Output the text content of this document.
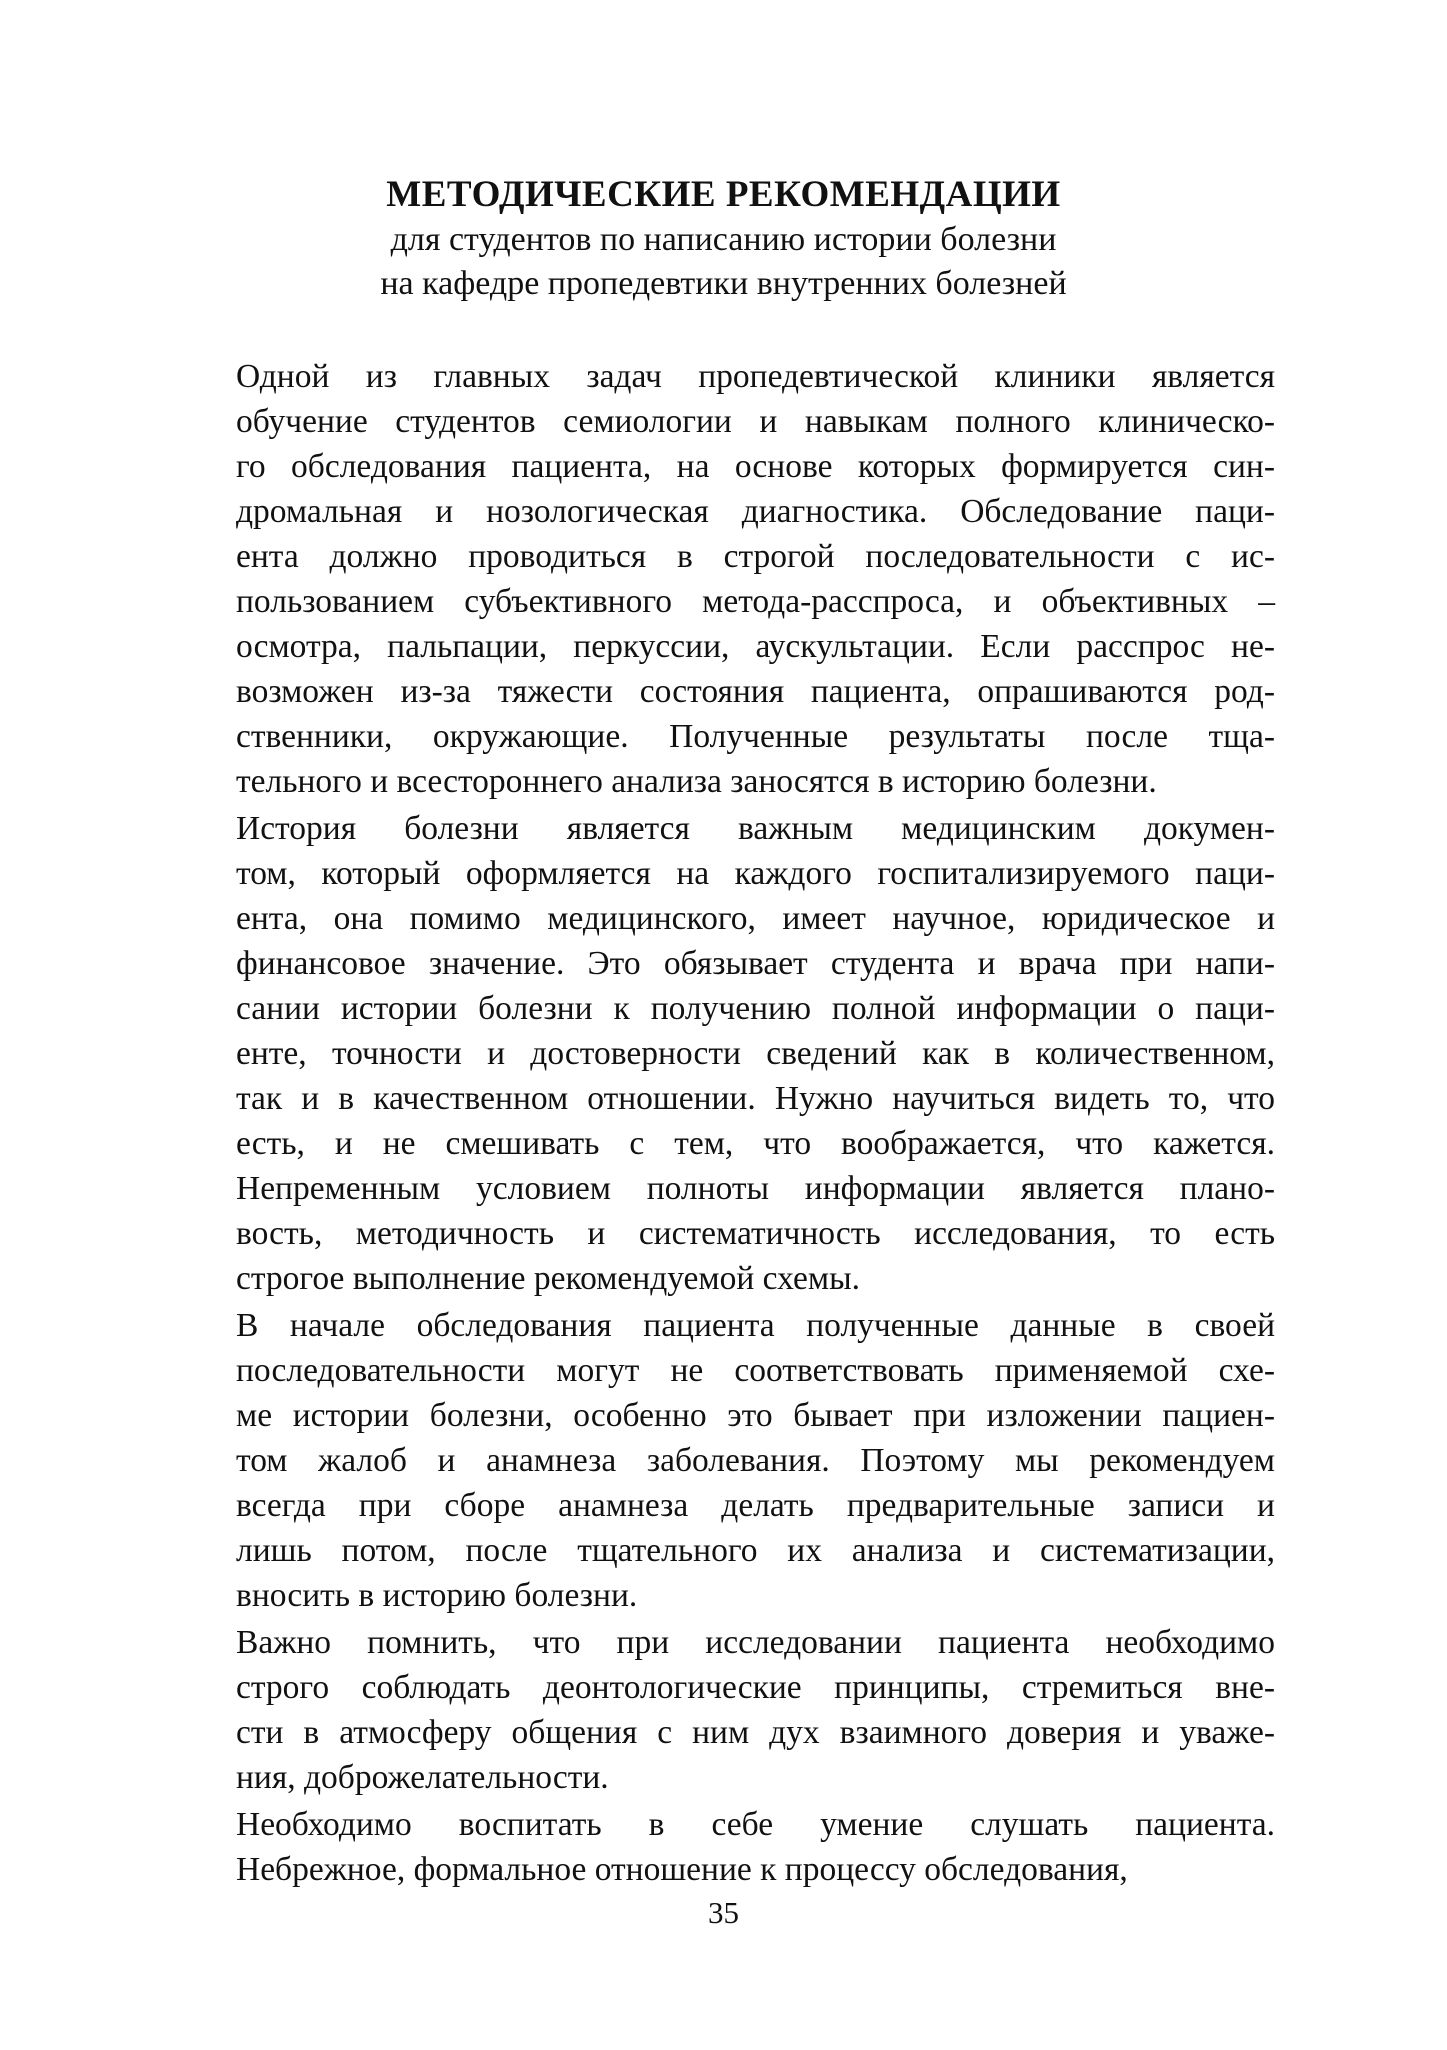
МЕТОДИЧЕСКИЕ РЕКОМЕНДАЦИИ
для студентов по написанию истории болезни
на кафедре пропедевтики внутренних болезней
Одной из главных задач пропедевтической клиники является
обучение студентов семиологии и навыкам полного клиническо-
го обследования пациента, на основе которых формируется син-
дромальная и нозологическая диагностика. Обследование паци-
ента должно проводиться в строгой последовательности с ис-
пользованием субъективного метода-расспроса, и объективных –
осмотра, пальпации, перкуссии, аускультации. Если расспрос не-
возможен из-за тяжести состояния пациента, опрашиваются род-
ственники, окружающие. Полученные результаты после тща-
тельного и всестороннего анализа заносятся в историю болезни.
История болезни является важным медицинским докумен-
том, который оформляется на каждого госпитализируемого паци-
ента, она помимо медицинского, имеет научное, юридическое и
финансовое значение. Это обязывает студента и врача при напи-
сании истории болезни к получению полной информации о паци-
енте, точности и достоверности сведений как в количественном,
так и в качественном отношении. Нужно научиться видеть то, что
есть, и не смешивать с тем, что воображается, что кажется.
Непременным условием полноты информации является плано-
вость, методичность и систематичность исследования, то есть
строгое выполнение рекомендуемой схемы.
В начале обследования пациента полученные данные в своей
последовательности могут не соответствовать применяемой схе-
ме истории болезни, особенно это бывает при изложении пациен-
том жалоб и анамнеза заболевания. Поэтому мы рекомендуем
всегда при сборе анамнеза делать предварительные записи и
лишь потом, после тщательного их анализа и систематизации,
вносить в историю болезни.
Важно помнить, что при исследовании пациента необходимо
строго соблюдать деонтологические принципы, стремиться вне-
сти в атмосферу общения с ним дух взаимного доверия и уваже-
ния, доброжелательности.
Необходимо воспитать в себе умение слушать пациента.
Небрежное, формальное отношение к процессу обследования,
35
